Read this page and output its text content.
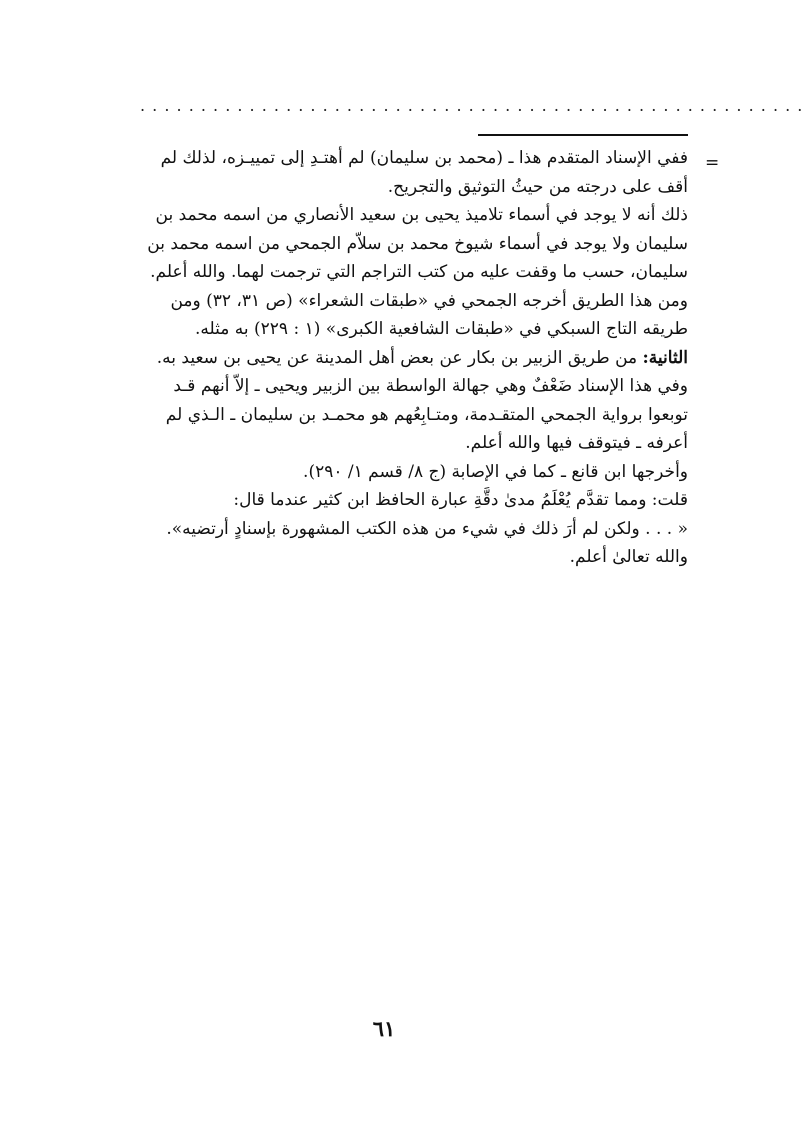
. . . . . . . . . . . . . . . . . . . . . . . . . . . . . . . . . . . . . . . . . . . . . . . . . . . . . . .
=

ففي الإسناد المتقدم هذا ـ (محمد بن سليمان) لم أهتـدِ إلى تمييـزه، لذلك لم أقف على درجته من حيثُ التوثيق والتجريح.

ذلك أنه لا يوجد في أسماء تلاميذ يحيى بن سعيد الأنصاري من اسمه محمد بن سليمان ولا يوجد في أسماء شيوخ محمد بن سلاّم الجمحي من اسمه محمد بن سليمان، حسب ما وقفت عليه من كتب التراجم التي ترجمت لهما. والله أعلم.

ومن هذا الطريق أخرجه الجمحي في «طبقات الشعراء» (ص ٣١، ٣٢) ومن طريقه التاج السبكي في «طبقات الشافعية الكبرى» (١ : ٢٢٩) به مثله.

الثانية: من طريق الزبير بن بكار عن بعض أهل المدينة عن يحيى بن سعيد به.

وفي هذا الإسناد ضَعْفٌ وهي جهالة الواسطة بين الزبير ويحيى ـ إلاّ أنهم قـد توبعوا برواية الجمحي المتقـدمة، ومتـابِعُهم هو محمـد بن سليمان ـ الـذي لم أعرفه ـ فيتوقف فيها والله أعلم.

وأخرجها ابن قانع ـ كما في الإصابة (ج ٨/ قسم ١/ ٢٩٠).

قلت: ومما تقدَّم يُعْلَمُ مدىٰ دقَّةِ عبارة الحافظ ابن كثير عندما قال:

« . . . ولكن لم أرَ ذلك في شيء من هذه الكتب المشهورة بإسنادٍ أرتضيه».

والله تعالىٰ أعلم.

٦١
